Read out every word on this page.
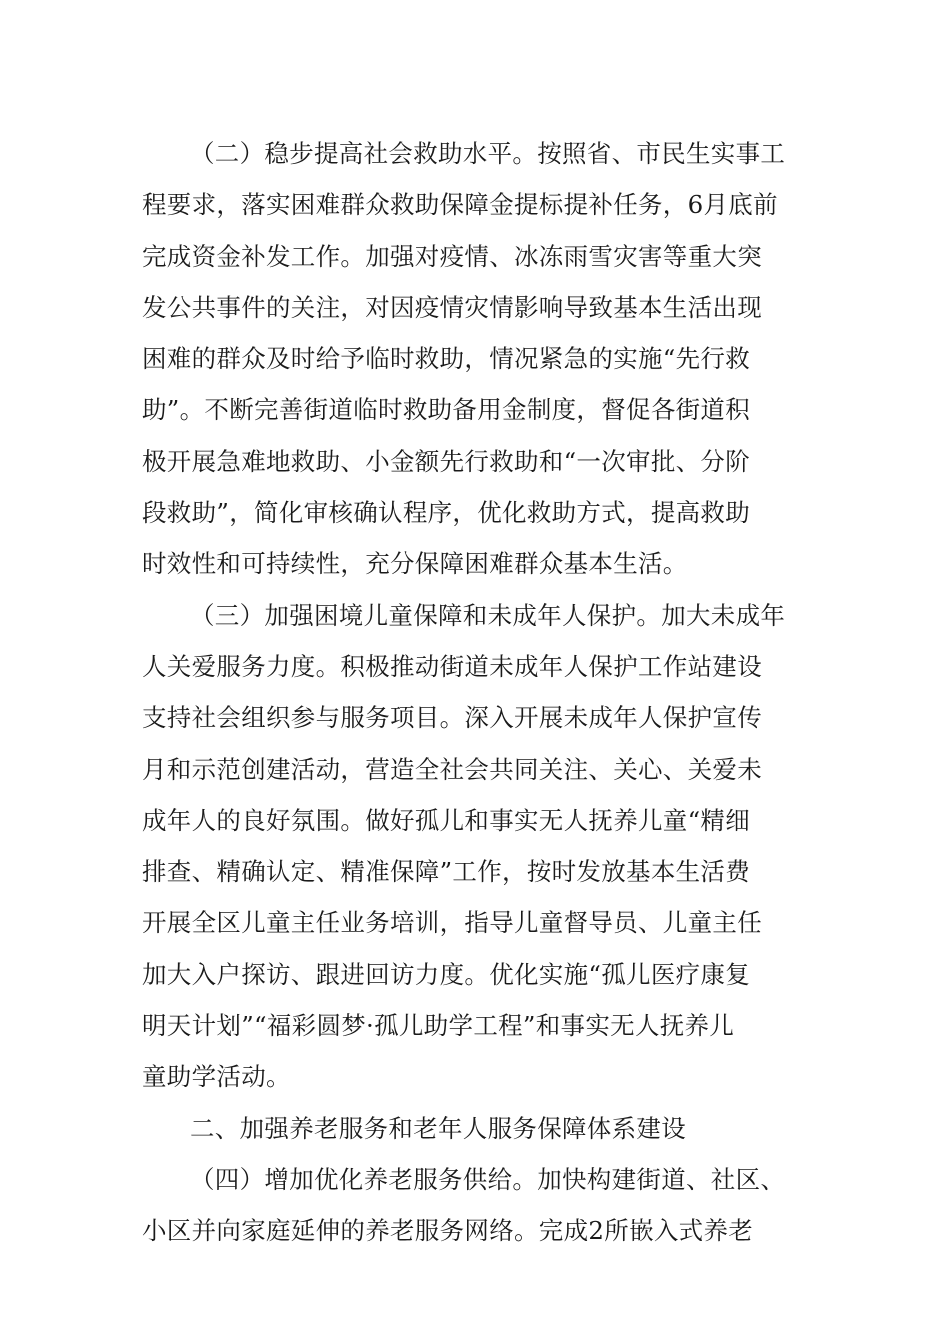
（二）稳步提高社会救助水平。按照省、市民生实事工
程要求，落实困难群众救助保障金提标提补任务，6月底前
完成资金补发工作。加强对疫情、冰冻雨雪灾害等重大突
发公共事件的关注，对因疫情灾情影响导致基本生活出现
困难的群众及时给予临时救助，情况紧急的实施“先行救
助”。不断完善街道临时救助备用金制度，督促各街道积
极开展急难地救助、小金额先行救助和“一次审批、分阶
段救助”，简化审核确认程序，优化救助方式，提高救助
时效性和可持续性，充分保障困难群众基本生活。
（三）加强困境儿童保障和未成年人保护。加大未成年
人关爱服务力度。积极推动街道未成年人保护工作站建设
支持社会组织参与服务项目。深入开展未成年人保护宣传
月和示范创建活动，营造全社会共同关注、关心、关爱未
成年人的良好氛围。做好孤儿和事实无人抚养儿童“精细
排查、精确认定、精准保障”工作，按时发放基本生活费
开展全区儿童主任业务培训，指导儿童督导员、儿童主任
加大入户探访、跟进回访力度。优化实施“孤儿医疗康复
明天计划”“福彩圆梦·孤儿助学工程”和事实无人抚养儿
童助学活动。
二、加强养老服务和老年人服务保障体系建设
（四）增加优化养老服务供给。加快构建街道、社区、
小区并向家庭延伸的养老服务网络。完成2所嵌入式养老
